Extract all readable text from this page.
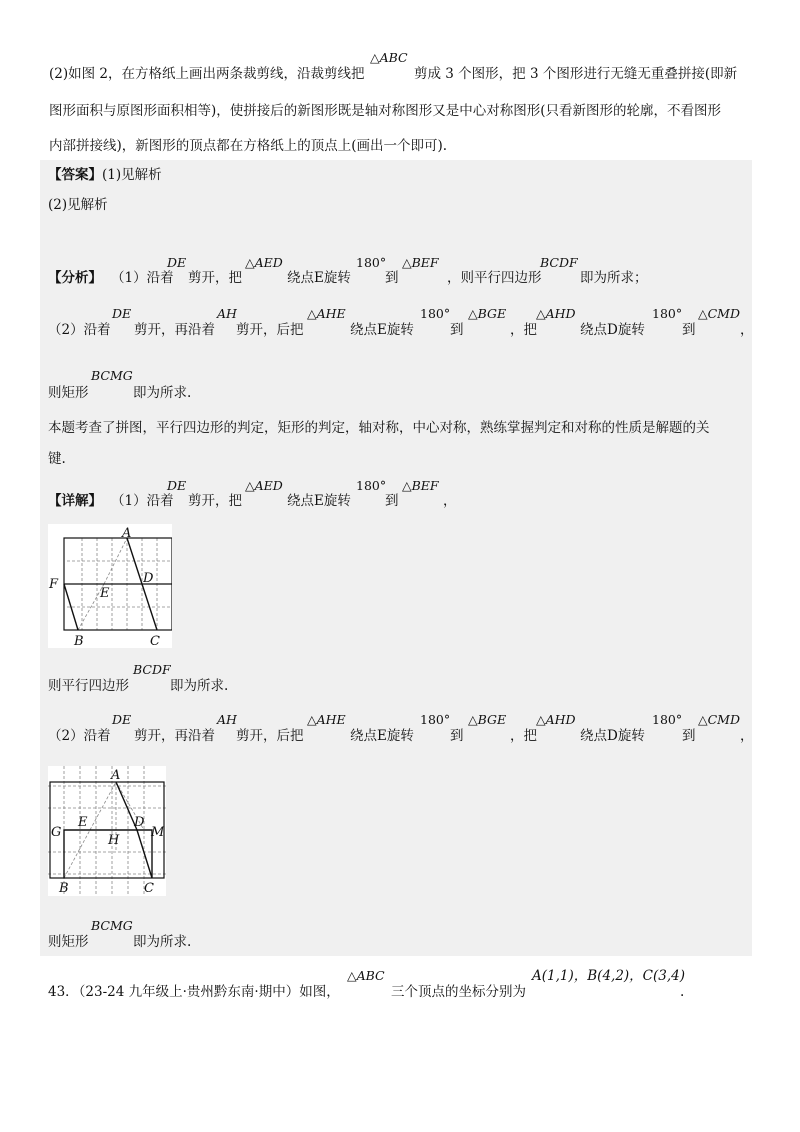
(2)如图 2，在方格纸上画出两条裁剪线，沿裁剪线把
△ABC
剪成 3 个图形，把 3 个图形进行无缝无重叠拼接(即新
图形面积与原图形面积相等)，使拼接后的新图形既是轴对称图形又是中心对称图形(只看新图形的轮廓，不看图形
内部拼接线)，新图形的顶点都在方格纸上的顶点上(画出一个即可).
【答案】(1)见解析
(2)见解析
【分析】 （1）沿着
DE
剪开，把
△AED
绕点E旋转
180°
到
△BEF
，则平行四边形
BCDF
即为所求；
（2）沿着
DE
剪开，再沿着
AH
剪开，后把
△AHE
绕点E旋转
180°
到
△BGE
，把
△AHD
绕点D旋转
180°
到
△CMD
，
则矩形
BCMG
即为所求.
本题考查了拼图，平行四边形的判定，矩形的判定，轴对称，中心对称，熟练掌握判定和对称的性质是解题的关
键.
【详解】 （1）沿着
DE
剪开，把
△AED
绕点E旋转
180°
到
△BEF
，
A
D
E
F
B	C
则平行四边形
BCDF
即为所求.
（2）沿着
DE
剪开，再沿着
AH
剪开，后把
△AHE
绕点E旋转
180°
到
△BGE
，把
△AHD
绕点D旋转
180°
到
△CMD
，
A
E	D
G
H
M
B	C
则矩形
BCMG
即为所求.
43．（23-24 九年级上·贵州黔东南·期中）如图，
△ABC
三个顶点的坐标分别为
A(1,1)，B(4,2)，C(3,4)
.
